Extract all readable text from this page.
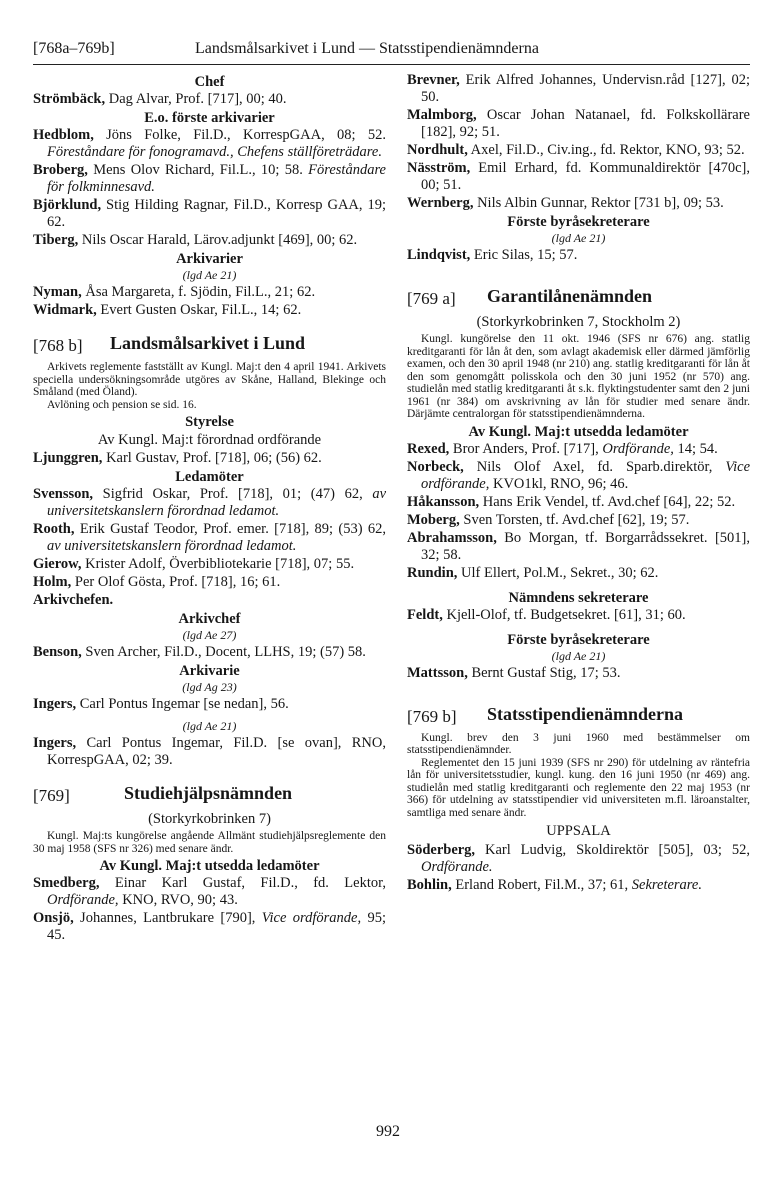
[768a–769b]	Landsmålsarkivet i Lund — Statsstipendienämnderna
Chef

Strömbäck, Dag Alvar, Prof. [717], 00; 40.

E.o. förste arkivarier

Hedblom, Jöns Folke, Fil.D., KorrespGAA, 08; 52. Föreståndare för fonogramavd., Chefens ställföreträdare.

Broberg, Mens Olov Richard, Fil.L., 10; 58. Föreståndare för folkminnesavd.

Björklund, Stig Hilding Ragnar, Fil.D., Korresp GAA, 19; 62.

Tiberg, Nils Oscar Harald, Lärov.adjunkt [469], 00; 62.

Arkivarier
(lgd Ae 21)

Nyman, Åsa Margareta, f. Sjödin, Fil.L., 21; 62.

Widmark, Evert Gusten Oskar, Fil.L., 14; 62.

[768 b] Landsmålsarkivet i Lund

Arkivets reglemente fastställt av Kungl. Maj:t den 4 april 1941. Arkivets speciella undersökningsområde utgöres av Skåne, Halland, Blekinge och Småland (med Öland).

Avlöning och pension se sid. 16.

Styrelse
Av Kungl. Maj:t förordnad ordförande

Ljunggren, Karl Gustav, Prof. [718], 06; (56) 62.

Ledamöter

Svensson, Sigfrid Oskar, Prof. [718], 01; (47) 62, av universitetskanslern förordnad ledamot.

Rooth, Erik Gustaf Teodor, Prof. emer. [718], 89; (53) 62, av universitetskanslern förordnad ledamot.

Gierow, Krister Adolf, Överbibliotekarie [718], 07; 55.

Holm, Per Olof Gösta, Prof. [718], 16; 61.

Arkivchefen.

Arkivchef
(lgd Ae 27)

Benson, Sven Archer, Fil.D., Docent, LLHS, 19; (57) 58.

Arkivarie
(lgd Ag 23)

Ingers, Carl Pontus Ingemar [se nedan], 56.

(lgd Ae 21)

Ingers, Carl Pontus Ingemar, Fil.D. [se ovan], RNO, KorrespGAA, 02; 39.

[769]	Studiehjälpsnämnden
(Storkyrkobrinken 7)

Kungl. Maj:ts kungörelse angående Allmänt studiehjälpsreglemente den 30 maj 1958 (SFS nr 326) med senare ändr.

Av Kungl. Maj:t utsedda ledamöter

Smedberg, Einar Karl Gustaf, Fil.D., fd. Lektor, Ordförande, KNO, RVO, 90; 43.

Onsjö, Johannes, Lantbrukare [790], Vice ordförande, 95; 45.

Brevner, Erik Alfred Johannes, Undervisn.råd [127], 02; 50.

Malmborg, Oscar Johan Natanael, fd. Folkskollärare [182], 92; 51.

Nordhult, Axel, Fil.D., Civ.ing., fd. Rektor, KNO, 93; 52.

Näsström, Emil Erhard, fd. Kommunaldirektör [470c], 00; 51.

Wernberg, Nils Albin Gunnar, Rektor [731 b], 09; 53.

Förste byråsekreterare
(lgd Ae 21)

Lindqvist, Eric Silas, 15; 57.

[769 a] Garantilånenämnden
(Storkyrkobrinken 7, Stockholm 2)

Kungl. kungörelse den 11 okt. 1946 (SFS nr 676) ang. statlig kreditgaranti för lån åt den, som avlagt akademisk eller därmed jämförlig examen, och den 30 april 1948 (nr 210) ang. statlig kreditgaranti för lån åt den som genomgått polisskola och den 30 juni 1952 (nr 570) ang. studielån med statlig kreditgaranti åt s.k. flyktingstudenter samt den 2 juni 1961 (nr 384) om avskrivning av lån för studier med senare ändr. Därjämte centralorgan för statsstipendienämnderna.

Av Kungl. Maj:t utsedda ledamöter

Rexed, Bror Anders, Prof. [717], Ordförande, 14; 54.

Norbeck, Nils Olof Axel, fd. Sparb.direktör, Vice ordförande, KVO1kl, RNO, 96; 46.

Håkansson, Hans Erik Vendel, tf. Avd.chef [64], 22; 52.

Moberg, Sven Torsten, tf. Avd.chef [62], 19; 57.

Abrahamsson, Bo Morgan, tf. Borgarrådssekret. [501], 32; 58.

Rundin, Ulf Ellert, Pol.M., Sekret., 30; 62.

Nämndens sekreterare

Feldt, Kjell-Olof, tf. Budgetsekret. [61], 31; 60.

Förste byråsekreterare
(lgd Ae 21)

Mattsson, Bernt Gustaf Stig, 17; 53.

[769 b] Statsstipendienämnderna

Kungl. brev den 3 juni 1960 med bestämmelser om statsstipendienämnder.

Reglementet den 15 juni 1939 (SFS nr 290) för utdelning av räntefria lån för universitetsstudier, kungl. kung. den 16 juni 1950 (nr 469) ang. studielån med statlig kreditgaranti och reglemente den 22 maj 1953 (nr 366) för utdelning av statsstipendier vid universiteten m.fl. läroanstalter, samtliga med senare ändr.

UPPSALA

Söderberg, Karl Ludvig, Skoldirektör [505], 03; 52, Ordförande.

Bohlin, Erland Robert, Fil.M., 37; 61, Sekreterare.

992
